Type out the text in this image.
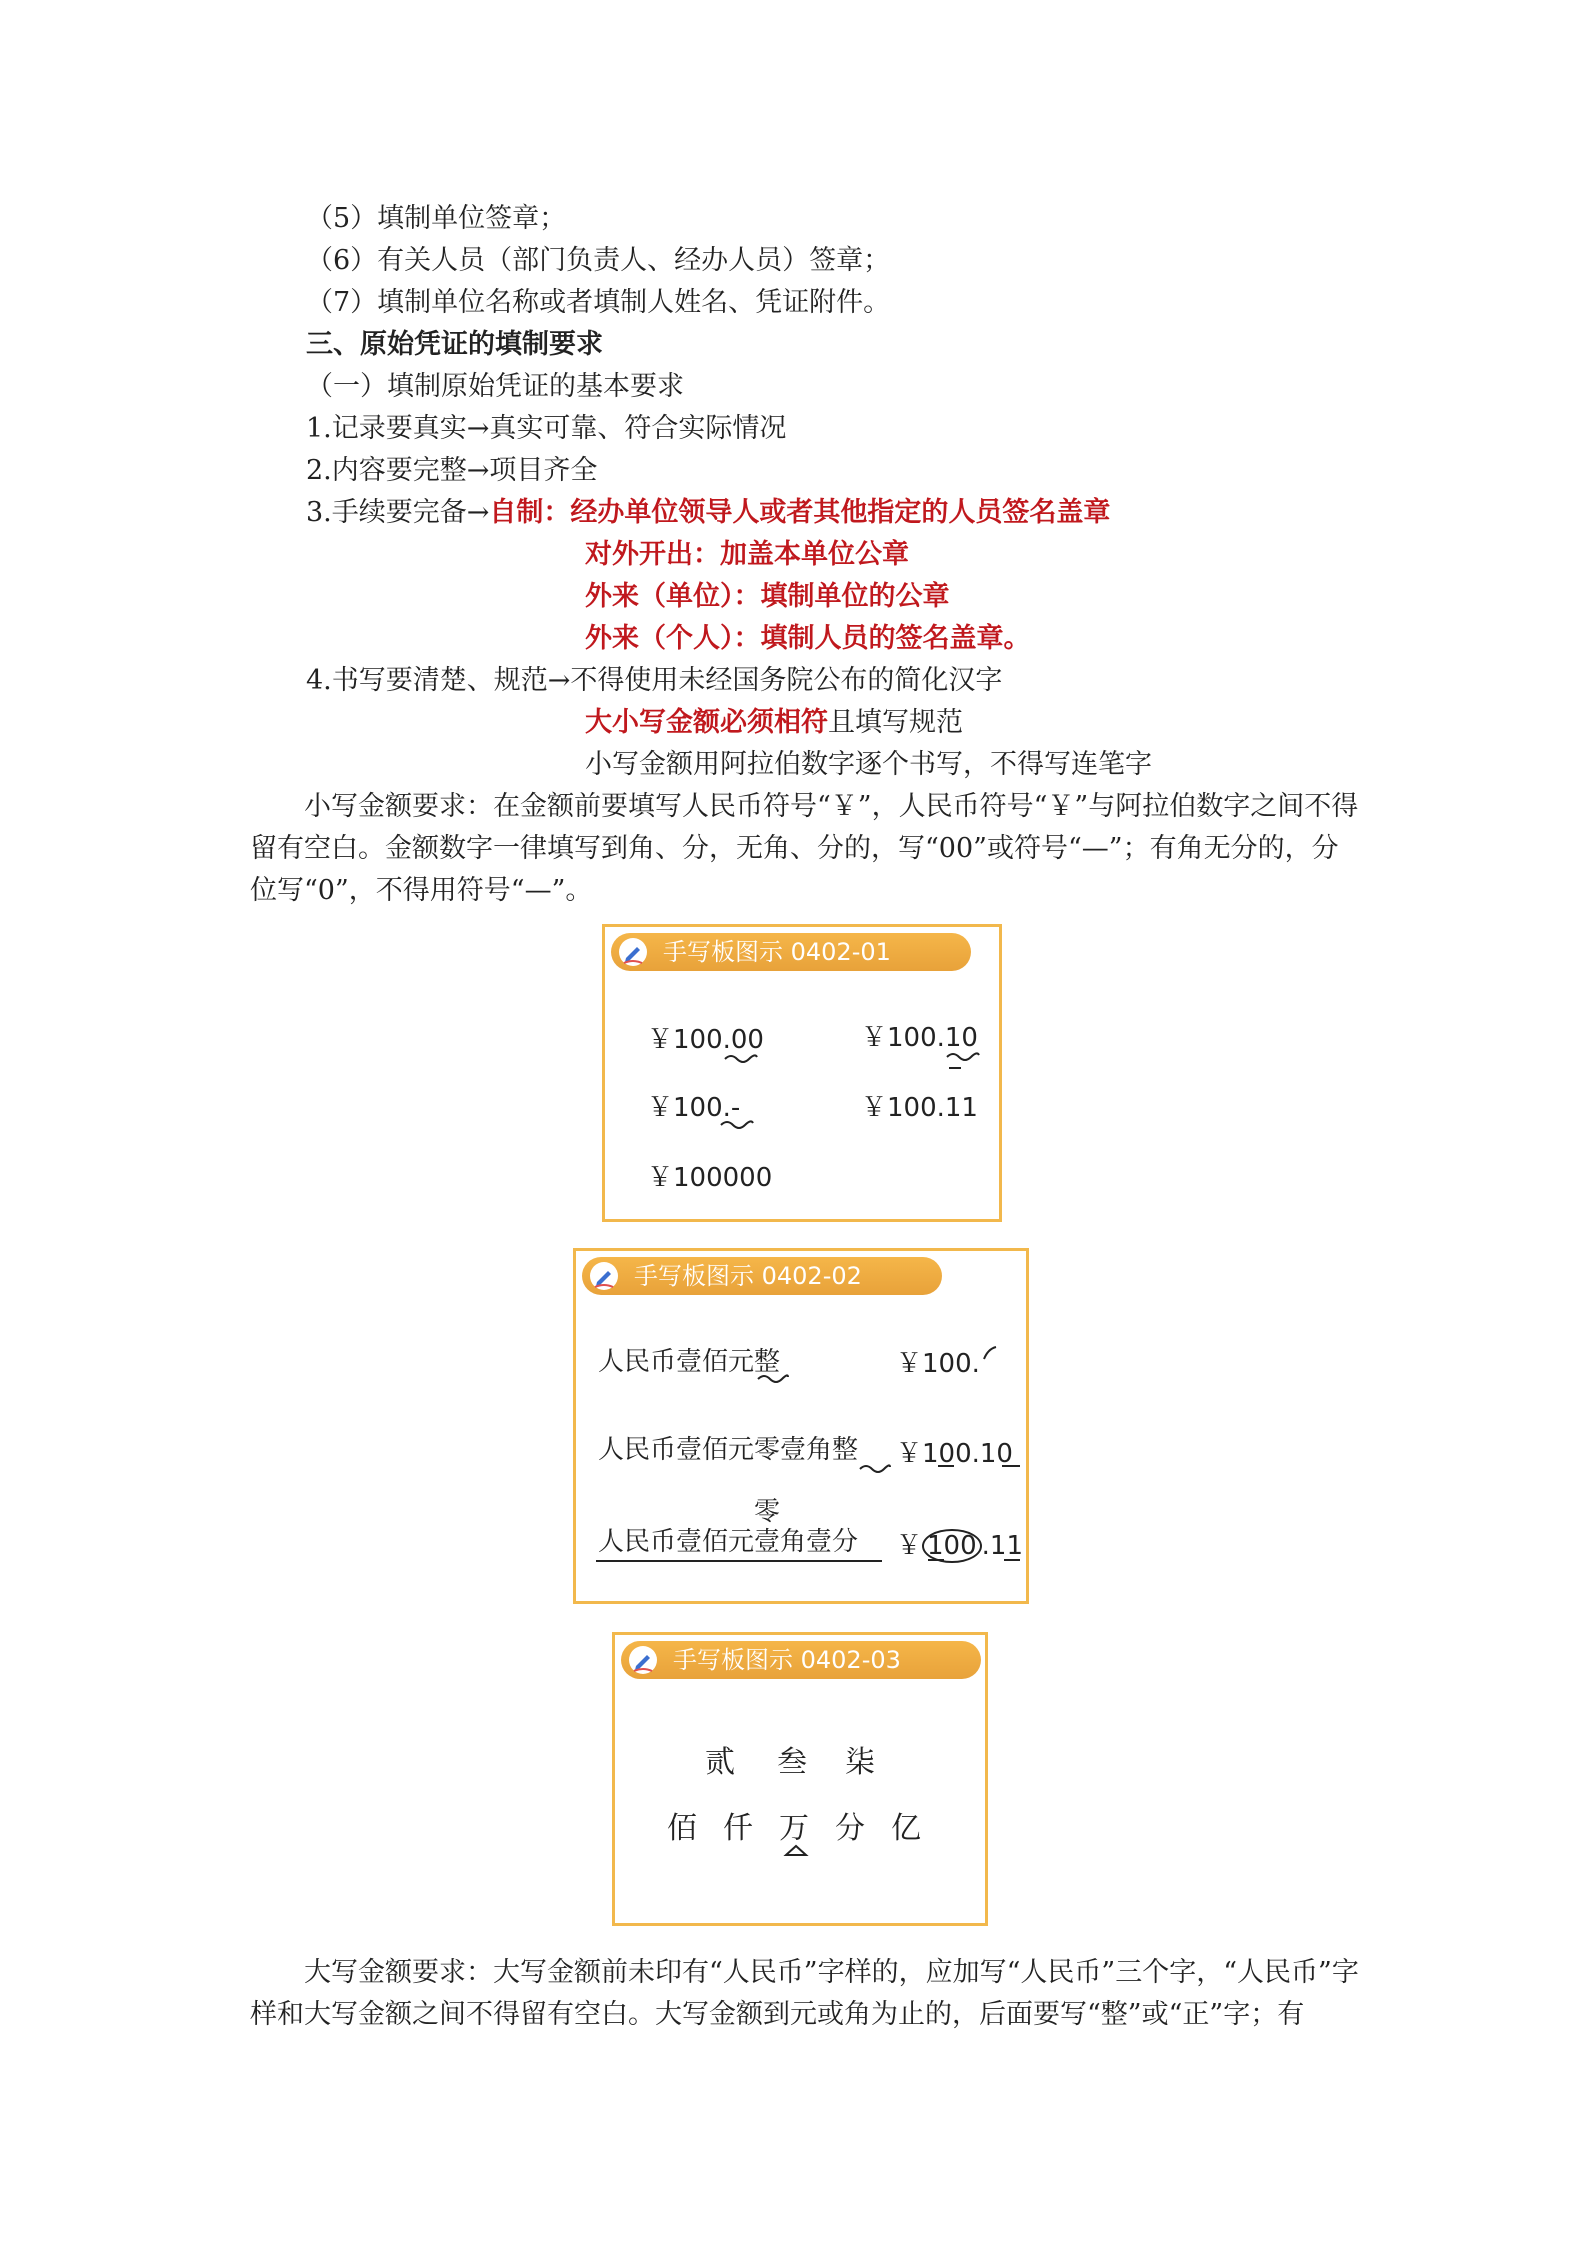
（5）填制单位签章；
（6）有关人员（部门负责人、经办人员）签章；
（7）填制单位名称或者填制人姓名、凭证附件。
三、原始凭证的填制要求
（一）填制原始凭证的基本要求
1.记录要真实→真实可靠、符合实际情况
2.内容要完整→项目齐全
3.手续要完备→自制：经办单位领导人或者其他指定的人员签名盖章
对外开出：加盖本单位公章
外来（单位）：填制单位的公章
外来（个人）：填制人员的签名盖章。
4.书写要清楚、规范→不得使用未经国务院公布的简化汉字
大小写金额必须相符且填写规范
小写金额用阿拉伯数字逐个书写，不得写连笔字

小写金额要求：在金额前要填写人民币符号“￥”，人民币符号“￥”与阿拉伯数字之间不得留有空白。金额数字一律填写到角、分，无角、分的，写“00”或符号“—”；有角无分的，分位写“0”，不得用符号“—”。

手写板图示 0402-01
￥100.00	￥100.10
￥100.-	￥100.11
￥100000
手写板图示 0402-02
人民币壹佰元整	￥100.
人民币壹佰元零壹角整 ￥100.10
零
人民币壹佰元壹角壹分 ￥ 100 .11
手写板图示 0402-03
贰 叁 柒
佰 仟 万 分 亿

大写金额要求：大写金额前未印有“人民币”字样的，应加写“人民币”三个字，“人民币”字样和大写金额之间不得留有空白。大写金额到元或角为止的，后面要写“整”或“正”字；有
